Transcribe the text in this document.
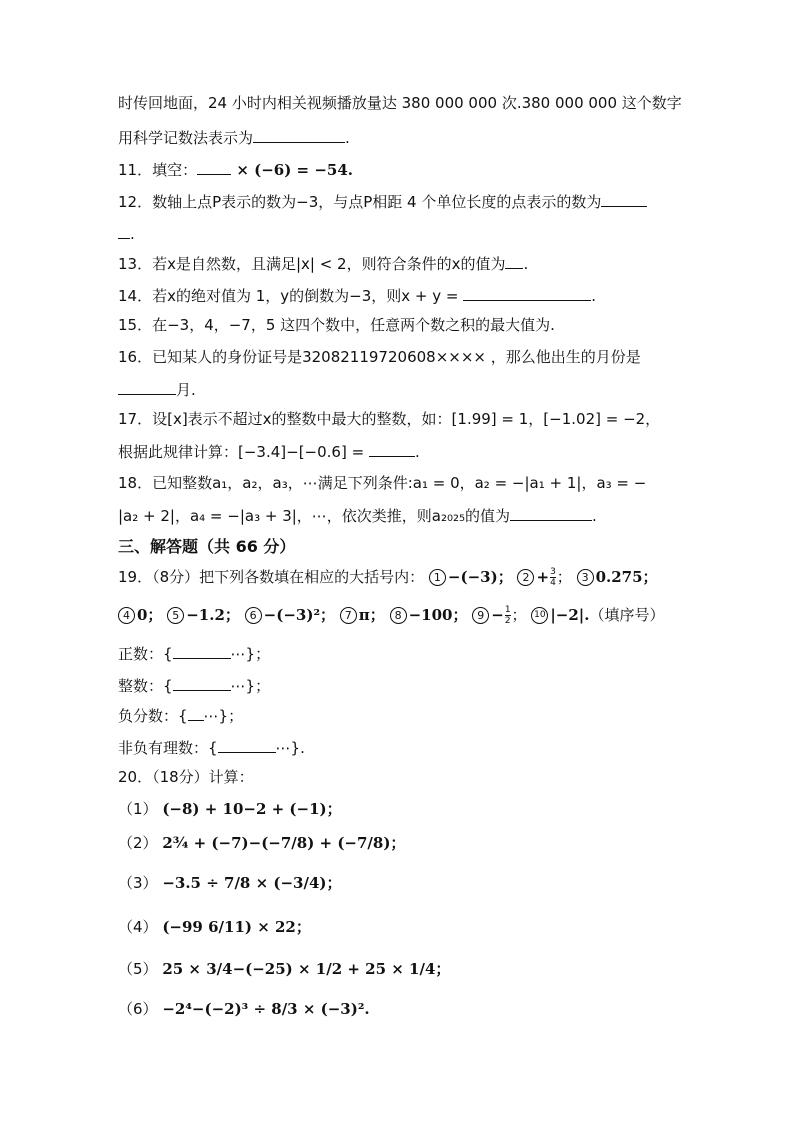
时传回地面，24 小时内相关视频播放量达 380 000 000 次.380 000 000 这个数字
用科学记数法表示为	.
11．填空： × (−6) = −54.
12．数轴上点P表示的数为−3，与点P相距 4 个单位长度的点表示的数为
.
13．若x是自然数，且满足|x| < 2，则符合条件的x的值为 .
14．若x的绝对值为 1，y的倒数为−3，则x + y =	.
15．在−3，4，−7，5 这四个数中，任意两个数之积的最大值为.
16．已知某人的身份证号是32082119720608×××× ，那么他出生的月份是
月.
17．设[x]表示不超过x的整数中最大的整数，如：[1.99] = 1，[−1.02] = −2，
根据此规律计算：[−3.4]−[−0.6] =	.
18．已知整数a₁，a₂，a₃，⋯满足下列条件:a₁ = 0，a₂ = −|a₁ + 1|，a₃ = −
|a₂ + 2|，a₄ = −|a₃ + 3|，⋯，依次类推，则a₂₀₂₅的值为	.
三、解答题（共 66 分）
19．（8分）把下列各数填在相应的大括号内： 1 −(−3)； $2 + \frac{3}{4}$ ； 3 0.275；
4 0； 5 −1.2； 6 −(−3)²； 7 π； 8 −100； $9 - \frac{1}{2}$ ； 10 |−2|.（填序号）
正数：{	⋯}；
整数：{	⋯}；
负分数：{ ⋯}；
非负有理数：{	⋯}.
20．（18分）计算：
（1） (−8) + 10−2 + (−1)；
（2） 2¾ + (−7)−(−7/8) + (−7/8)；
（3） −3.5 ÷ 7/8 × (−3/4)；
（4） (−99 6/11) × 22；
（5） 25 × 3/4−(−25) × 1/2 + 25 × 1/4；
（6） −2⁴−(−2)³ ÷ 8/3 × (−3)².
